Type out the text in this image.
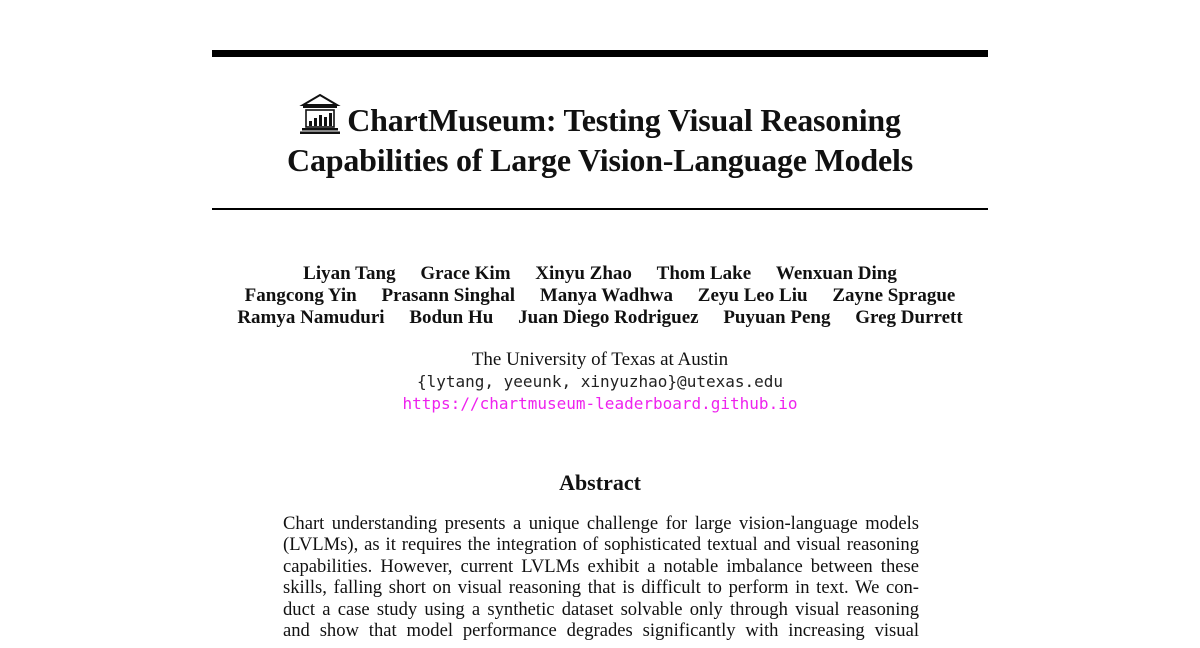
ChartMuseum: Testing Visual Reasoning
Capabilities of Large Vision-Language Models
Liyan Tang Grace Kim Xinyu Zhao Thom Lake Wenxuan Ding
Fangcong Yin Prasann Singhal Manya Wadhwa Zeyu Leo Liu Zayne Sprague
Ramya Namuduri Bodun Hu Juan Diego Rodriguez Puyuan Peng Greg Durrett
The University of Texas at Austin
{lytang, yeeunk, xinyuzhao}@utexas.edu
https://chartmuseum-leaderboard.github.io
Abstract
Chart understanding presents a unique challenge for large vision-language models
(LVLMs), as it requires the integration of sophisticated textual and visual reasoning
capabilities. However, current LVLMs exhibit a notable imbalance between these
skills, falling short on visual reasoning that is difficult to perform in text. We con-
duct a case study using a synthetic dataset solvable only through visual reasoning
and show that model performance degrades significantly with increasing visual
